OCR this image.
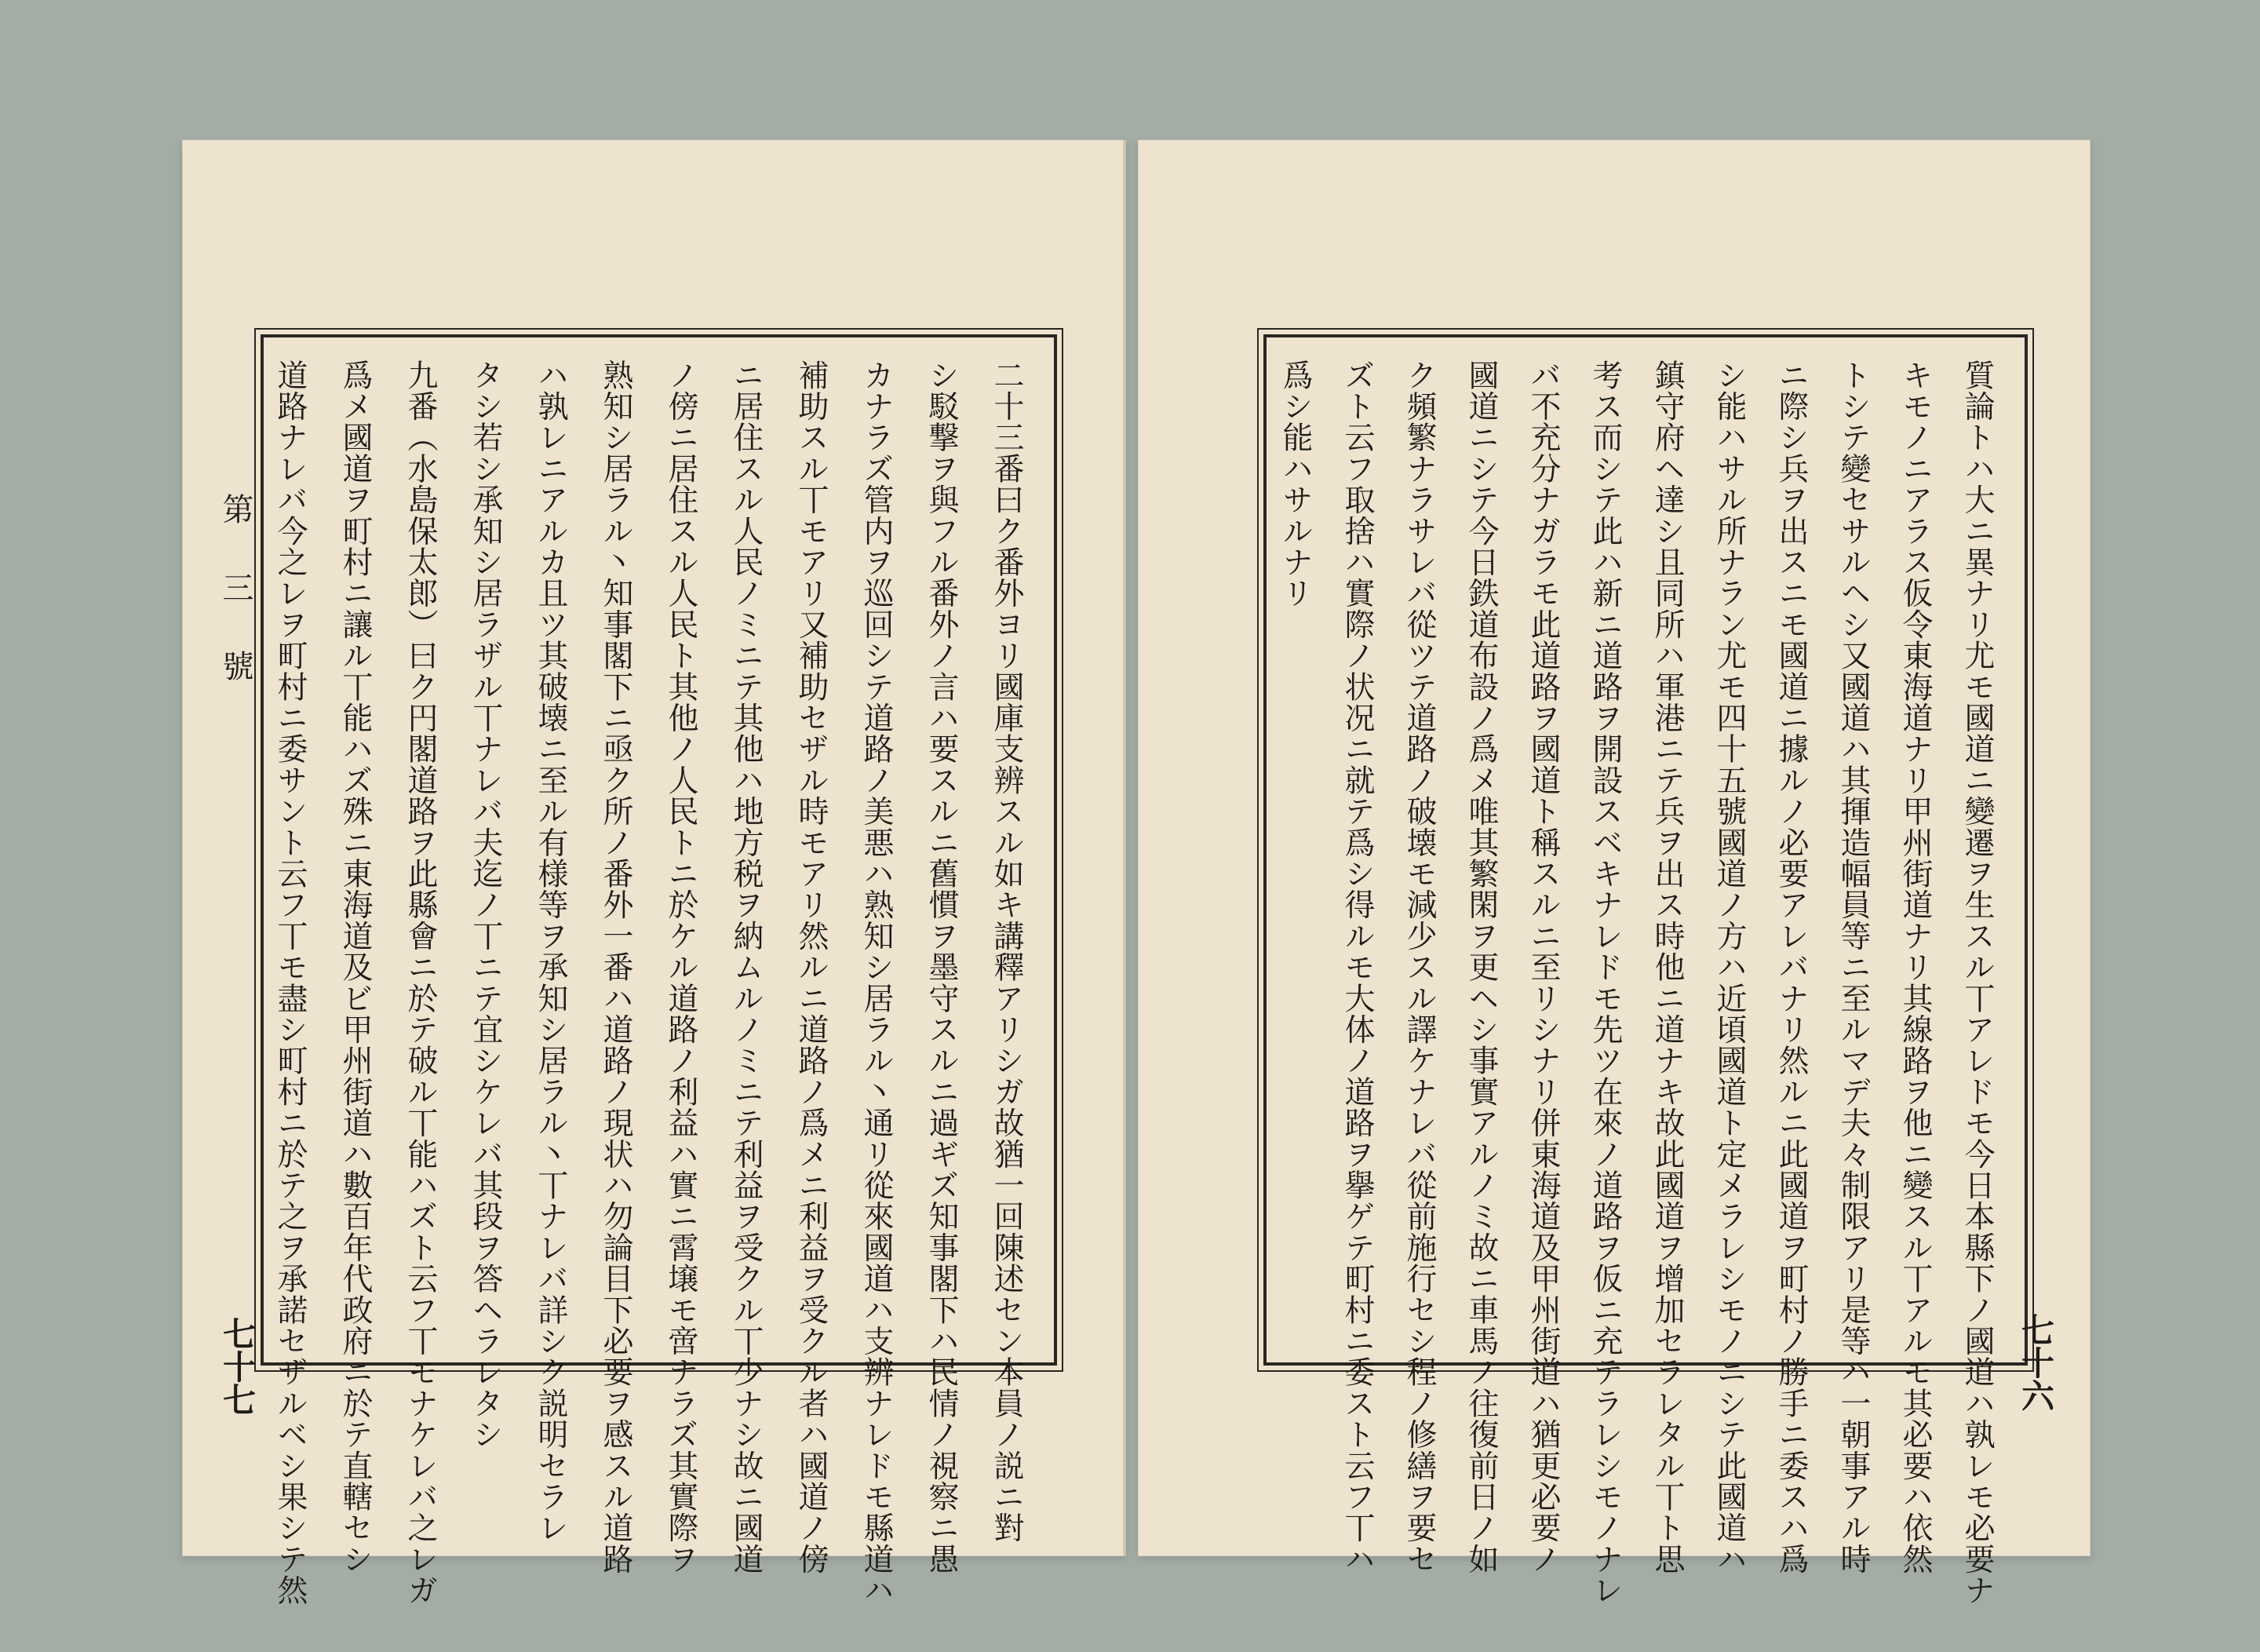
第三號	二十三番曰ク番外ヨリ國庫支辨スル如キ講釋アリシガ故猶一回陳述セン本員ノ説ニ對
シ駁撃ヲ與フル番外ノ言ハ要スルニ舊慣ヲ墨守スルニ過ギズ知事閣下ハ民情ノ視察ニ愚
カナラズ管内ヲ巡回シテ道路ノ美悪ハ熟知シ居ラル丶通リ從來國道ハ支辨ナレドモ縣道ハ
補助スル丅モアリ又補助セザル時モアリ然ルニ道路ノ爲メニ利益ヲ受クル者ハ國道ノ傍
ニ居住スル人民ノミニテ其他ハ地方税ヲ納ムルノミニテ利益ヲ受クル丅少ナシ故ニ國道
ノ傍ニ居住スル人民ト其他ノ人民トニ於ケル道路ノ利益ハ實ニ霄壌モ啻ナラズ其實際ヲ
熟知シ居ラル丶知事閣下ニ亟ク所ノ番外一番ハ道路ノ現状ハ勿論目下必要ヲ感スル道路
ハ孰レニアルカ且ツ其破壊ニ至ル有様等ヲ承知シ居ラル丶丅ナレバ詳シク説明セラレ
タシ若シ承知シ居ラザル丅ナレバ夫迄ノ丅ニテ宜シケレバ其段ヲ答ヘラレタシ
九番（水島保太郎）曰ク円閣道路ヲ此縣會ニ於テ破ル丅能ハズト云フ丅モナケレバ之レガ
爲メ國道ヲ町村ニ讓ル丅能ハズ殊ニ東海道及ビ甲州街道ハ數百年代政府ニ於テ直轄セシ
道路ナレバ今之レヲ町村ニ委サント云フ丅モ盡シ町村ニ於テ之ヲ承諾セザルベシ果シテ然
七十七	質論トハ大ニ異ナリ尤モ國道ニ變遷ヲ生スル丅アレドモ今日本縣下ノ國道ハ孰レモ必要ナ
キモノニアラス仮令東海道ナリ甲州街道ナリ其線路ヲ他ニ變スル丅アルモ其必要ハ依然
トシテ變セサルヘシ又國道ハ其揮造幅員等ニ至ルマデ夫々制限アリ是等ハ一朝事アル時
ニ際シ兵ヲ出スニモ國道ニ據ルノ必要アレバナリ然ルニ此國道ヲ町村ノ勝手ニ委スハ爲
シ能ハサル所ナラン尤モ四十五號國道ノ方ハ近頃國道ト定メラレシモノニシテ此國道ハ
鎮守府ヘ達シ且同所ハ軍港ニテ兵ヲ出ス時他ニ道ナキ故此國道ヲ增加セラレタル丅ト思
考ス而シテ此ハ新ニ道路ヲ開設スベキナレドモ先ツ在來ノ道路ヲ仮ニ充テラレシモノナレ
バ不充分ナガラモ此道路ヲ國道ト稱スルニ至リシナリ併東海道及甲州街道ハ猶更必要ノ
國道ニシテ今日鉄道布設ノ爲メ唯其繁閑ヲ更ヘシ事實アルノミ故ニ車馬ノ往復前日ノ如
ク頻繁ナラサレバ從ツテ道路ノ破壊モ減少スル譯ケナレバ從前施行セシ程ノ修繕ヲ要セ
ズト云フ取捨ハ實際ノ状况ニ就テ爲シ得ルモ大体ノ道路ヲ擧ゲテ町村ニ委スト云フ丅ハ
爲シ能ハサルナリ
七十六
